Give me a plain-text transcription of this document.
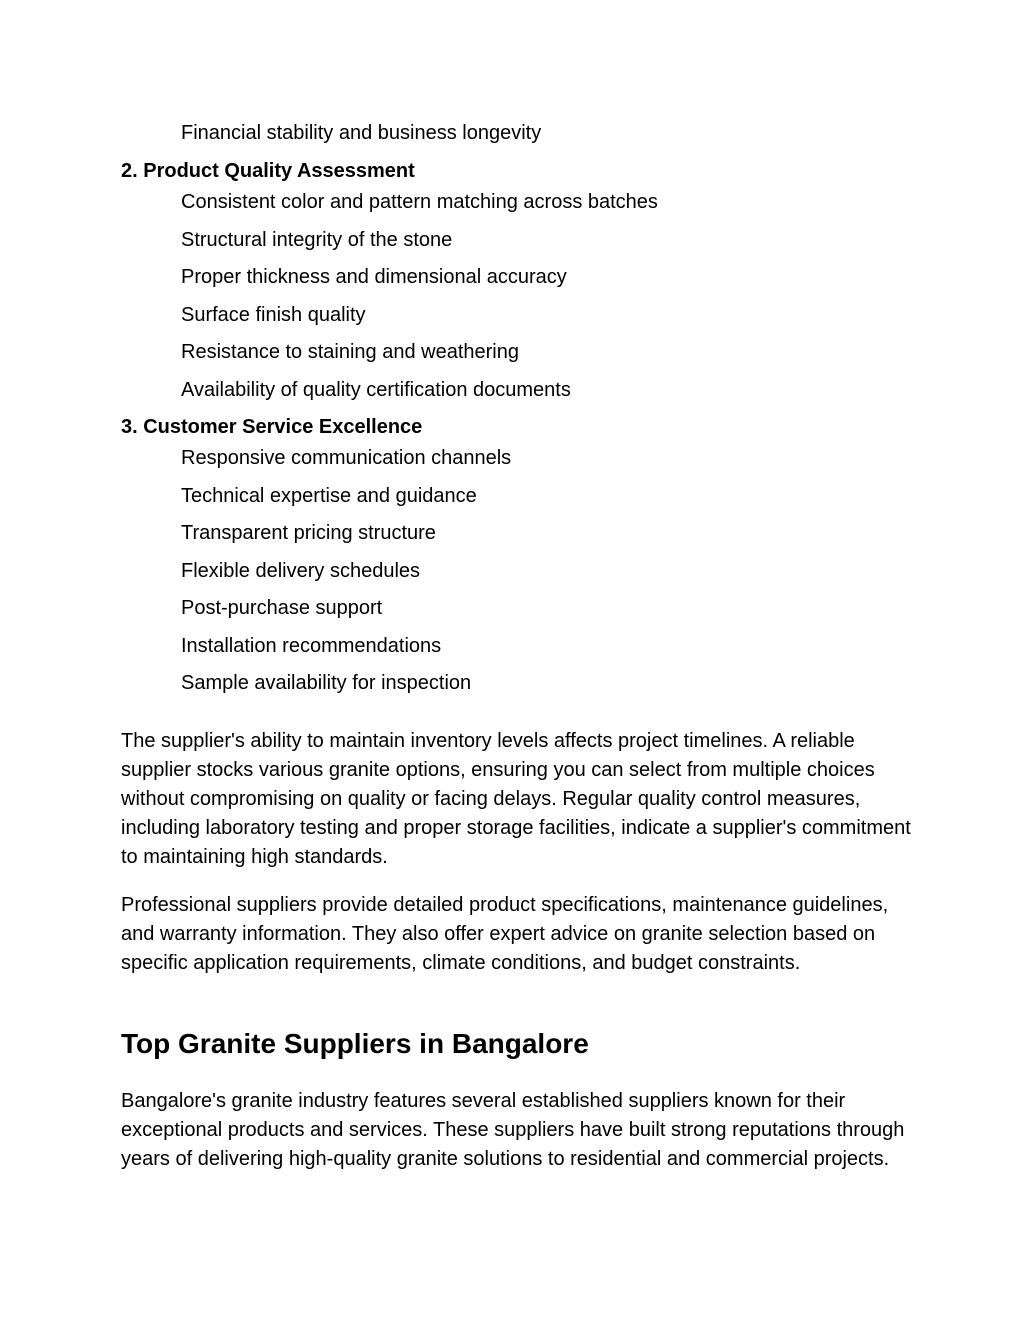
Financial stability and business longevity
2. Product Quality Assessment
Consistent color and pattern matching across batches
Structural integrity of the stone
Proper thickness and dimensional accuracy
Surface finish quality
Resistance to staining and weathering
Availability of quality certification documents
3. Customer Service Excellence
Responsive communication channels
Technical expertise and guidance
Transparent pricing structure
Flexible delivery schedules
Post-purchase support
Installation recommendations
Sample availability for inspection

The supplier's ability to maintain inventory levels affects project timelines. A reliable supplier stocks various granite options, ensuring you can select from multiple choices without compromising on quality or facing delays. Regular quality control measures, including laboratory testing and proper storage facilities, indicate a supplier's commitment to maintaining high standards.

Professional suppliers provide detailed product specifications, maintenance guidelines, and warranty information. They also offer expert advice on granite selection based on specific application requirements, climate conditions, and budget constraints.

Top Granite Suppliers in Bangalore

Bangalore's granite industry features several established suppliers known for their exceptional products and services. These suppliers have built strong reputations through years of delivering high-quality granite solutions to residential and commercial projects.
